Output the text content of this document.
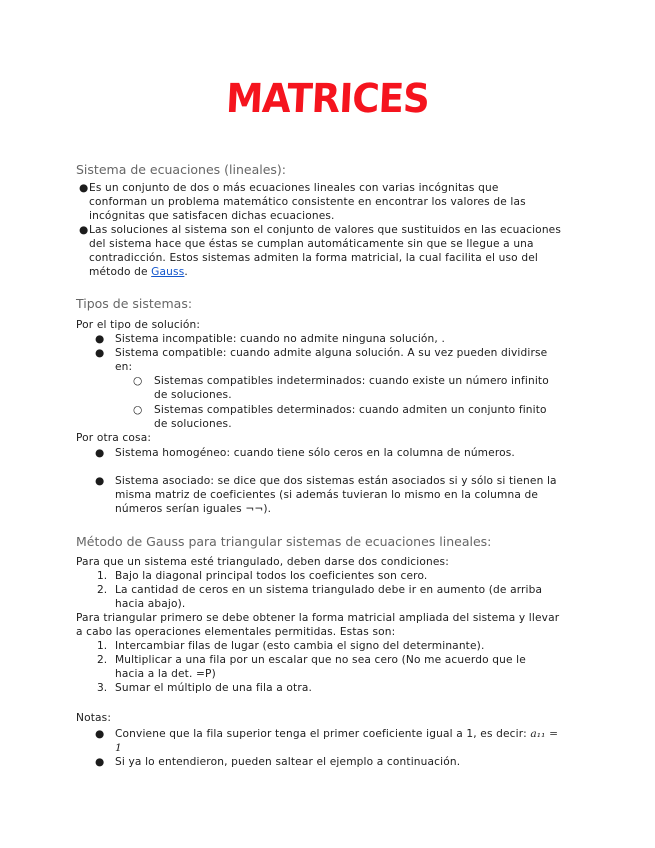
MATRICES
Sistema de ecuaciones (lineales):
● Es un conjunto de dos o más ecuaciones lineales con varias incógnitas que
conforman un problema matemático consistente en encontrar los valores de las
incógnitas que satisfacen dichas ecuaciones.
● Las soluciones al sistema son el conjunto de valores que sustituidos en las ecuaciones
del sistema hace que éstas se cumplan automáticamente sin que se llegue a una
contradicción. Estos sistemas admiten la forma matricial, la cual facilita el uso del
método de Gauss.
Tipos de sistemas:
Por el tipo de solución:
● Sistema incompatible: cuando no admite ninguna solución, .
● Sistema compatible: cuando admite alguna solución. A su vez pueden dividirse
en:
○ Sistemas compatibles indeterminados: cuando existe un número infinito
de soluciones.
○ Sistemas compatibles determinados: cuando admiten un conjunto finito
de soluciones.
Por otra cosa:
● Sistema homogéneo: cuando tiene sólo ceros en la columna de números.
● Sistema asociado: se dice que dos sistemas están asociados si y sólo si tienen la
misma matriz de coeficientes (si además tuvieran lo mismo en la columna de
números serían iguales ¬¬).
Método de Gauss para triangular sistemas de ecuaciones lineales:
Para que un sistema esté triangulado, deben darse dos condiciones:
1. Bajo la diagonal principal todos los coeficientes son cero.
2. La cantidad de ceros en un sistema triangulado debe ir en aumento (de arriba
hacia abajo).
Para triangular primero se debe obtener la forma matricial ampliada del sistema y llevar
a cabo las operaciones elementales permitidas. Estas son:
1. Intercambiar filas de lugar (esto cambia el signo del determinante).
2. Multiplicar a una fila por un escalar que no sea cero (No me acuerdo que le
hacia a la det. =P)
3. Sumar el múltiplo de una fila a otra.
Notas:
● Conviene que la fila superior tenga el primer coeficiente igual a 1, es decir: a₁₁ =
1
● Si ya lo entendieron, pueden saltear el ejemplo a continuación.
